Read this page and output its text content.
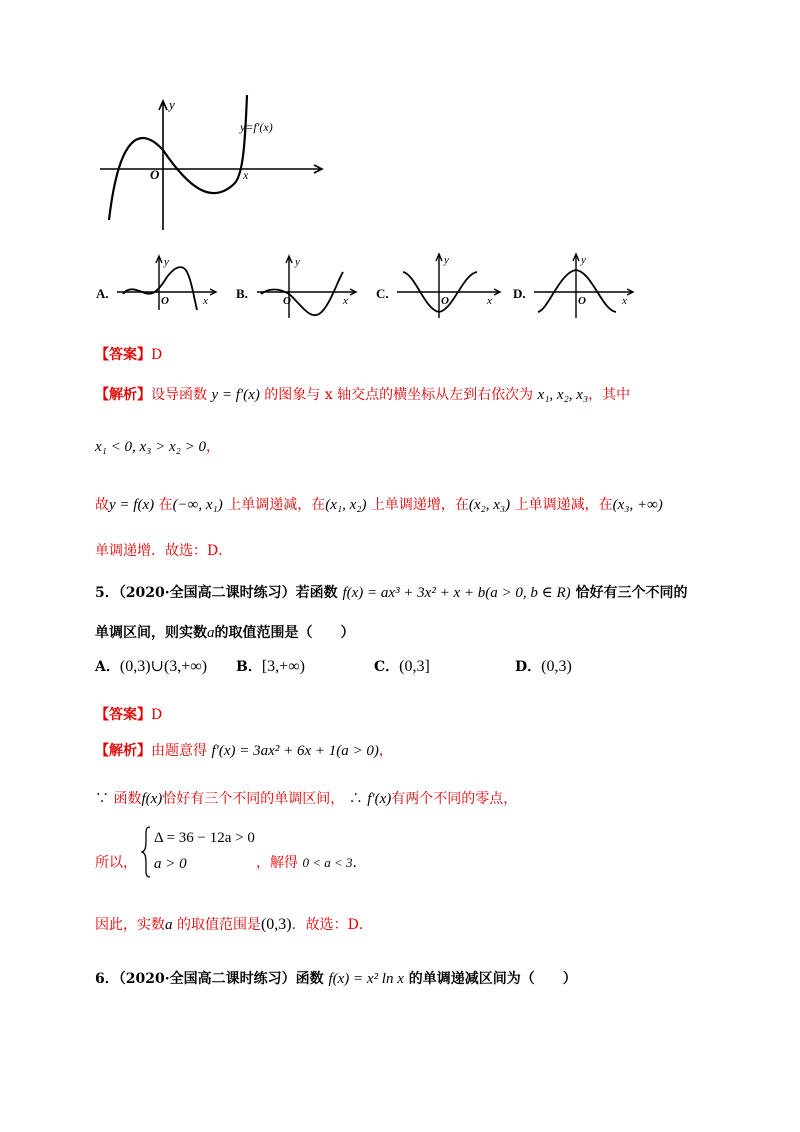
y
x
O
y=f′(x)
A.
y
O	x B.
y
O	x C.
y
O	x D.
y
O	x
【答案】D
【解析】设导函数 y = f′(x) 的图象与 x 轴交点的横坐标从左到右依次为 x₁, x₂, x₃，其中
x₁ < 0, x₃ > x₂ > 0，
故y = f(x) 在(−∞, x₁) 上单调递减，在(x₁, x₂) 上单调递增，在(x₂, x₃) 上单调递减，在(x₃, +∞)
单调递增．故选：D．
5．（2020·全国高二课时练习）若函数 f(x) = ax³ + 3x² + x + b(a > 0, b ∈ R) 恰好有三个不同的
单调区间，则实数a的取值范围是（　　）
A．(0,3)∪(3,+∞) B．[3,+∞)	C．(0,3]	D．(0,3)
【答案】D
【解析】由题意得 f′(x) = 3ax² + 6x + 1(a > 0)，
∵ 函数f(x)恰好有三个不同的单调区间， ∴ f′(x)有两个不同的零点，
所以，
Δ = 36 − 12a > 0
a > 0	，解得 0 < a < 3．
因此，实数a 的取值范围是(0,3)．故选：D．
6．（2020·全国高二课时练习）函数 f(x) = x² ln x 的单调递减区间为（　　）
